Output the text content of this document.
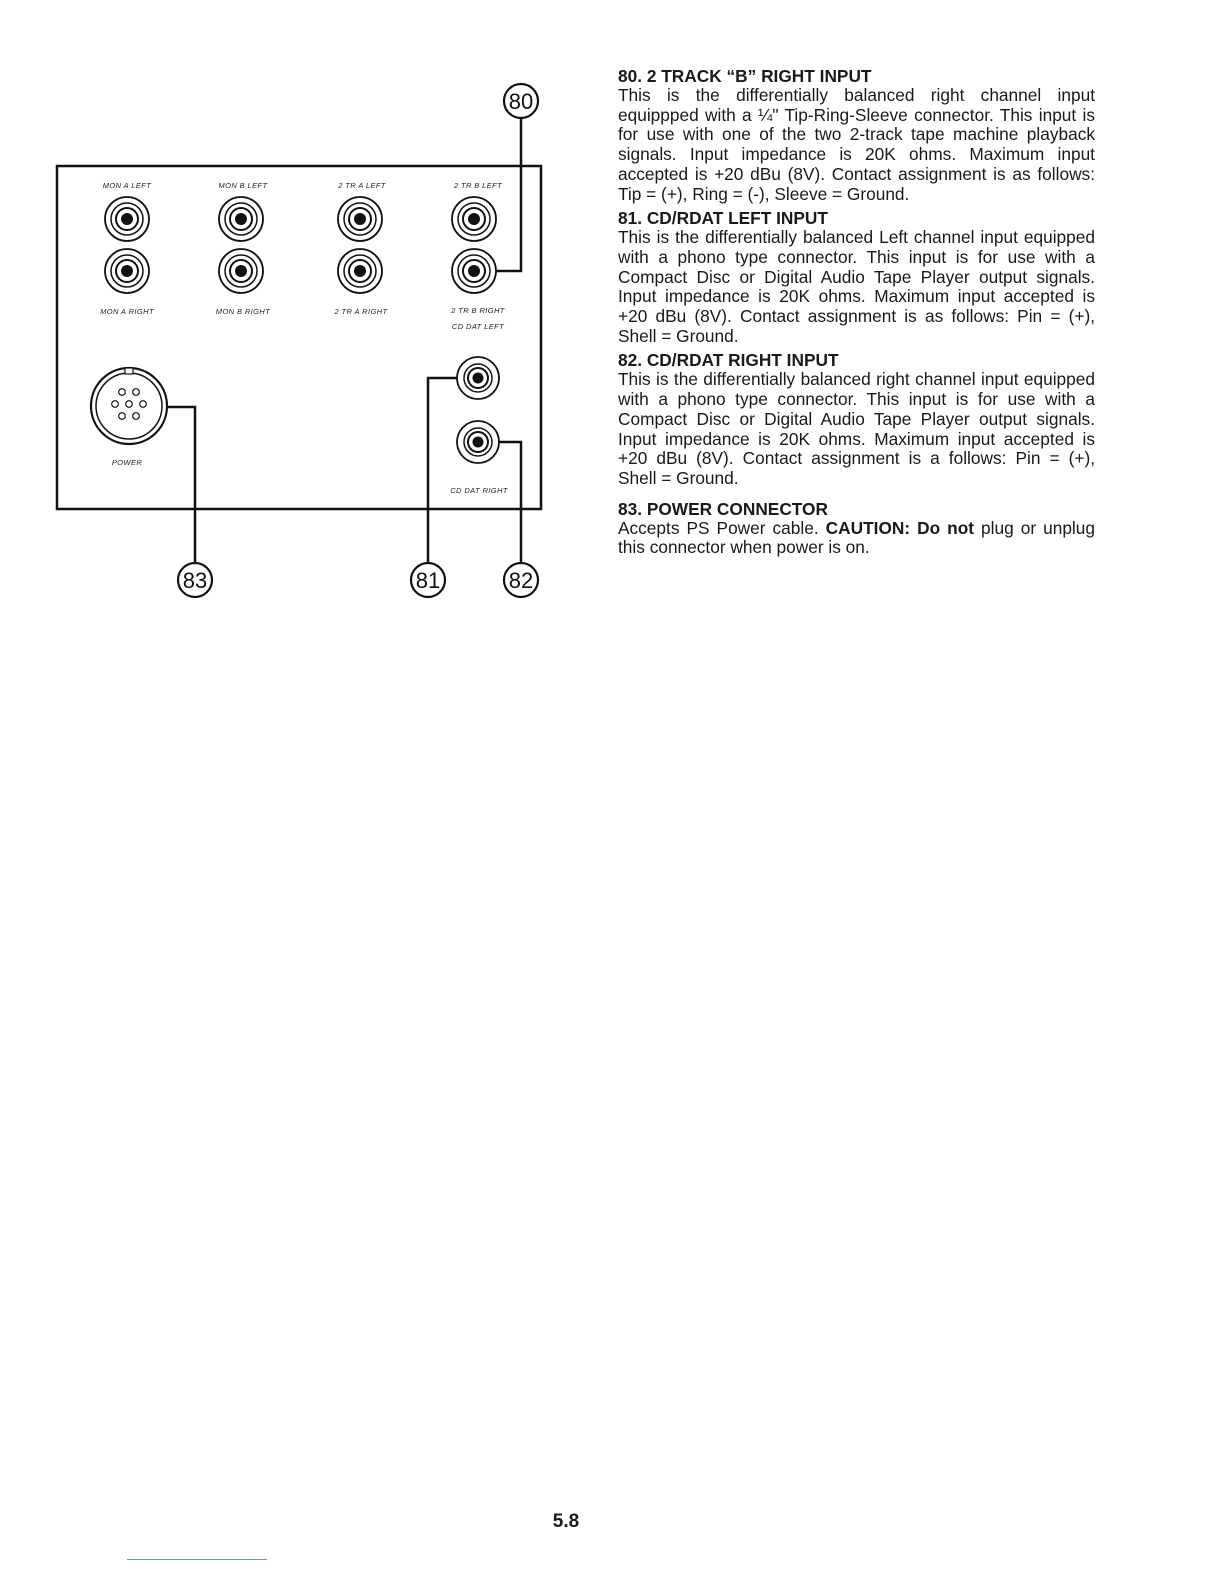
MON A LEFT	MON B LEFT	2 TR A LEFT	2 TR B LEFT
MON A RIGHT	MON B RIGHT	2 TR A RIGHT	2 TR B RIGHT
CD DAT LEFT
CD DAT RIGHT
POWER
80
83	81	82

80. 2 TRACK “B” RIGHT INPUT

This is the differentially balanced right channel input equippped with a ¼" Tip-Ring-Sleeve connector. This input is for use with one of the two 2-track tape machine playback signals. Input impedance is 20K ohms. Maximum input accepted is +20 dBu (8V). Contact assignment is as follows: Tip = (+), Ring = (-), Sleeve = Ground.

81. CD/RDAT LEFT INPUT

This is the differentially balanced Left channel input equipped with a phono type connector. This input is for use with a Compact Disc or Digital Audio Tape Player output signals. Input impedance is 20K ohms. Maximum input accepted is +20 dBu (8V). Contact assignment is as follows: Pin = (+), Shell = Ground.

82. CD/RDAT RIGHT INPUT

This is the differentially balanced right channel input equipped with a phono type connector. This input is for use with a Compact Disc or Digital Audio Tape Player output signals. Input impedance is 20K ohms. Maximum input accepted is +20 dBu (8V). Contact assignment is a follows: Pin = (+), Shell = Ground.

83. POWER CONNECTOR

Accepts PS Power cable. CAUTION: Do not plug or unplug this connector when power is on.

5.8
